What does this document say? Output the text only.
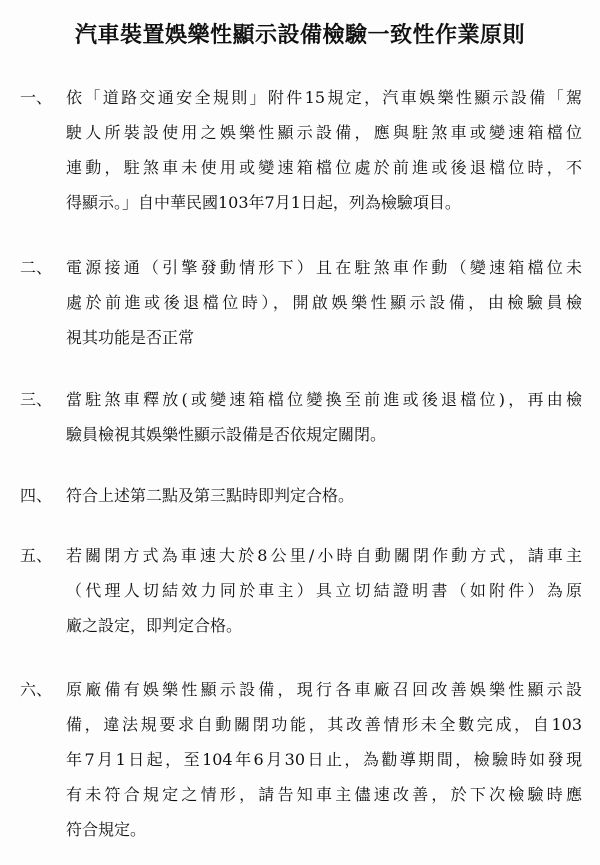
汽車裝置娛樂性顯示設備檢驗一致性作業原則
一、 依「道路交通安全規則」附件15規定，汽車娛樂性顯示設備「駕
駛人所裝設使用之娛樂性顯示設備，應與駐煞車或變速箱檔位
連動，駐煞車未使用或變速箱檔位處於前進或後退檔位時，不
得顯示。」自中華民國103年7月1日起，列為檢驗項目。
二、 電源接通（引擎發動情形下）且在駐煞車作動（變速箱檔位未
處於前進或後退檔位時），開啟娛樂性顯示設備，由檢驗員檢
視其功能是否正常
三、 當駐煞車釋放(或變速箱檔位變換至前進或後退檔位)，再由檢
驗員檢視其娛樂性顯示設備是否依規定關閉。
四、 符合上述第二點及第三點時即判定合格。
五、 若關閉方式為車速大於8公里/小時自動關閉作動方式，請車主
（代理人切結效力同於車主）具立切結證明書（如附件）為原
廠之設定，即判定合格。
六、 原廠備有娛樂性顯示設備，現行各車廠召回改善娛樂性顯示設
備，違法規要求自動關閉功能，其改善情形未全數完成，自103
年7月1日起，至104年6月30日止，為勸導期間，檢驗時如發現
有未符合規定之情形，請告知車主儘速改善，於下次檢驗時應
符合規定。
